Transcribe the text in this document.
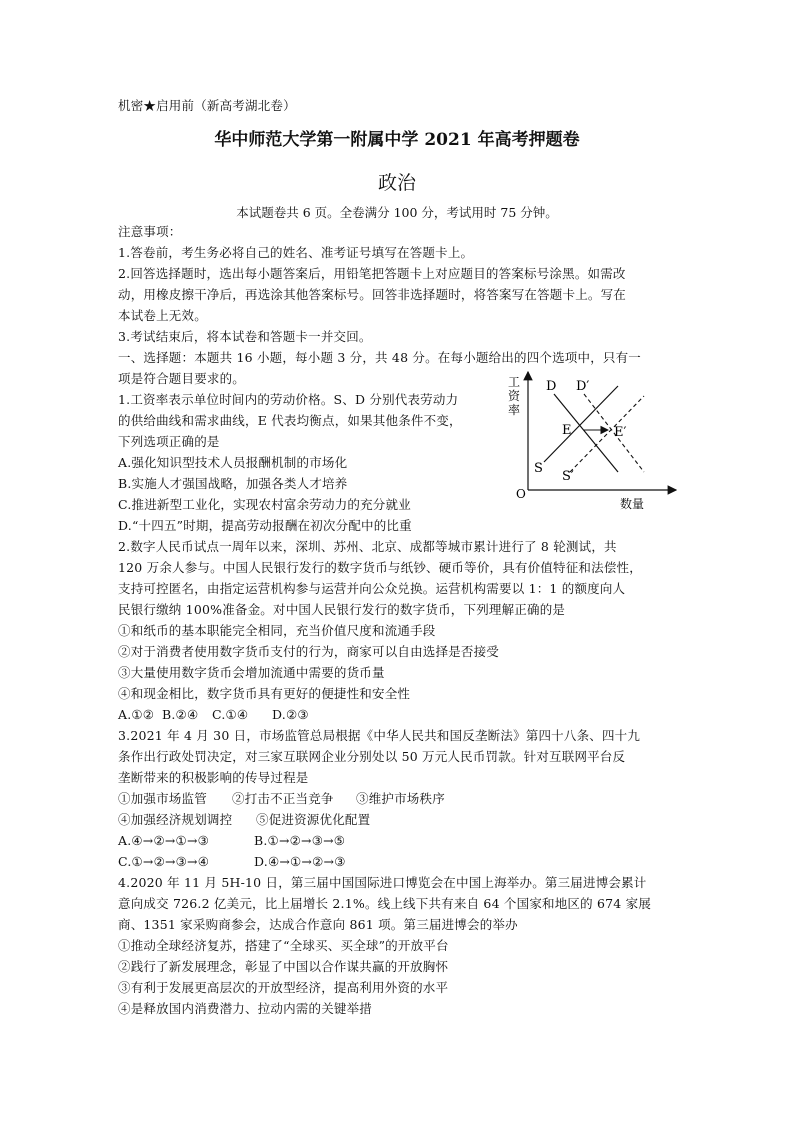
机密★启用前（新高考湖北卷）
华中师范大学第一附属中学 2021 年高考押题卷
政治
本试题卷共 6 页。全卷满分 100 分，考试用时 75 分钟。
注意事项：
1.答卷前，考生务必将自己的姓名、准考证号填写在答题卡上。
2.回答选择题时，选出每小题答案后，用铅笔把答题卡上对应题目的答案标号涂黑。如需改
动，用橡皮擦干净后，再选涂其他答案标号。回答非选择题时，将答案写在答题卡上。写在
本试卷上无效。
3.考试结束后，将本试卷和答题卡一并交回。
一、选择题：本题共 16 小题，每小题 3 分，共 48 分。在每小题给出的四个选项中，只有一
项是符合题目要求的。
1.工资率表示单位时间内的劳动价格。S、D 分别代表劳动力
的供给曲线和需求曲线，E 代表均衡点，如果其他条件不变，
下列选项正确的是
A.强化知识型技术人员报酬机制的市场化
B.实施人才强国战略，加强各类人才培养
C.推进新型工业化，实现农村富余劳动力的充分就业
D.“十四五”时期，提高劳动报酬在初次分配中的比重
工
资
率
数量
O
D D′
S
S′
E	E′
2.数字人民币试点一周年以来，深圳、苏州、北京、成都等城市累计进行了 8 轮测试，共
120 万余人参与。中国人民银行发行的数字货币与纸钞、硬币等价，具有价值特征和法偿性，
支持可控匿名，由指定运营机构参与运营并向公众兑换。运营机构需要以 1：1 的额度向人
民银行缴纳 100%准备金。对中国人民银行发行的数字货币，下列理解正确的是
①和纸币的基本职能完全相同，充当价值尺度和流通手段
②对于消费者使用数字货币支付的行为，商家可以自由选择是否接受
③大量使用数字货币会增加流通中需要的货币量
④和现金相比，数字货币具有更好的便捷性和安全性
A.①② B.②④ C.①④ D.②③
3.2021 年 4 月 30 日，市场监管总局根据《中华人民共和国反垄断法》第四十八条、四十九
条作出行政处罚决定，对三家互联网企业分别处以 50 万元人民币罚款。针对互联网平台反
垄断带来的积极影响的传导过程是
①加强市场监管 ②打击不正当竞争 ③维护市场秩序
④加强经济规划调控 ⑤促进资源优化配置
A.④→②→①→③	B.①→②→③→⑤
C.①→②→③→④	D.④→①→②→③
4.2020 年 11 月 5H-10 日，第三届中国国际进口博览会在中国上海举办。第三届进博会累计
意向成交 726.2 亿美元，比上届增长 2.1%。线上线下共有来自 64 个国家和地区的 674 家展
商、1351 家采购商参会，达成合作意向 861 项。第三届进博会的举办
①推动全球经济复苏，搭建了“全球买、买全球”的开放平台
②践行了新发展理念，彰显了中国以合作谋共赢的开放胸怀
③有利于发展更高层次的开放型经济，提高利用外资的水平
④是释放国内消费潜力、拉动内需的关键举措
